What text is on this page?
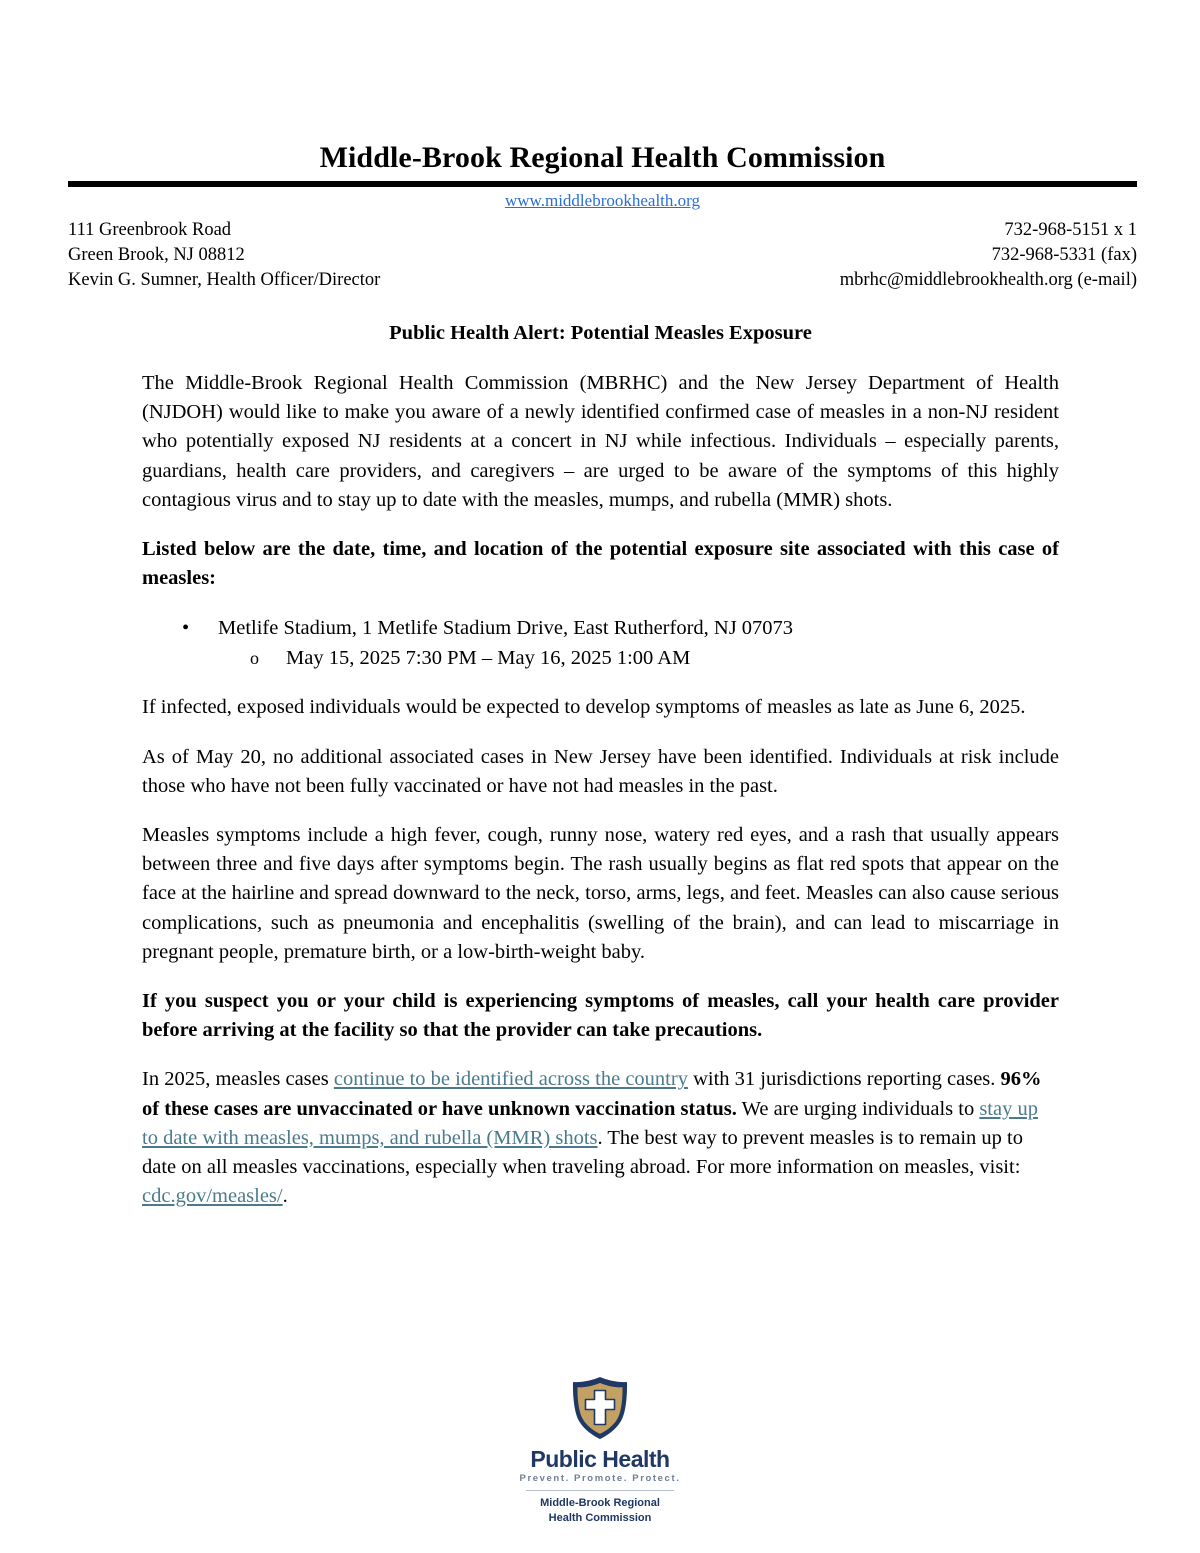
Middle-Brook Regional Health Commission
www.middlebrookhealth.org
111 Greenbrook Road
Green Brook, NJ 08812
Kevin G. Sumner, Health Officer/Director
732-968-5151 x 1
732-968-5331 (fax)
mbrhc@middlebrookhealth.org (e-mail)
Public Health Alert: Potential Measles Exposure

The Middle-Brook Regional Health Commission (MBRHC) and the New Jersey Department of Health (NJDOH) would like to make you aware of a newly identified confirmed case of measles in a non-NJ resident who potentially exposed NJ residents at a concert in NJ while infectious. Individuals – especially parents, guardians, health care providers, and caregivers – are urged to be aware of the symptoms of this highly contagious virus and to stay up to date with the measles, mumps, and rubella (MMR) shots.

Listed below are the date, time, and location of the potential exposure site associated with this case of measles:

• Metlife Stadium, 1 Metlife Stadium Drive, East Rutherford, NJ 07073
o May 15, 2025 7:30 PM – May 16, 2025 1:00 AM

If infected, exposed individuals would be expected to develop symptoms of measles as late as June 6, 2025.

As of May 20, no additional associated cases in New Jersey have been identified. Individuals at risk include those who have not been fully vaccinated or have not had measles in the past.

Measles symptoms include a high fever, cough, runny nose, watery red eyes, and a rash that usually appears between three and five days after symptoms begin. The rash usually begins as flat red spots that appear on the face at the hairline and spread downward to the neck, torso, arms, legs, and feet. Measles can also cause serious complications, such as pneumonia and encephalitis (swelling of the brain), and can lead to miscarriage in pregnant people, premature birth, or a low-birth-weight baby.

If you suspect you or your child is experiencing symptoms of measles, call your health care provider before arriving at the facility so that the provider can take precautions.

In 2025, measles cases continue to be identified across the country with 31 jurisdictions reporting cases. 96% of these cases are unvaccinated or have unknown vaccination status. We are urging individuals to stay up to date with measles, mumps, and rubella (MMR) shots. The best way to prevent measles is to remain up to date on all measles vaccinations, especially when traveling abroad. For more information on measles, visit: cdc.gov/measles/.

Public Health
Prevent. Promote. Protect.
Middle-Brook Regional
Health Commission
